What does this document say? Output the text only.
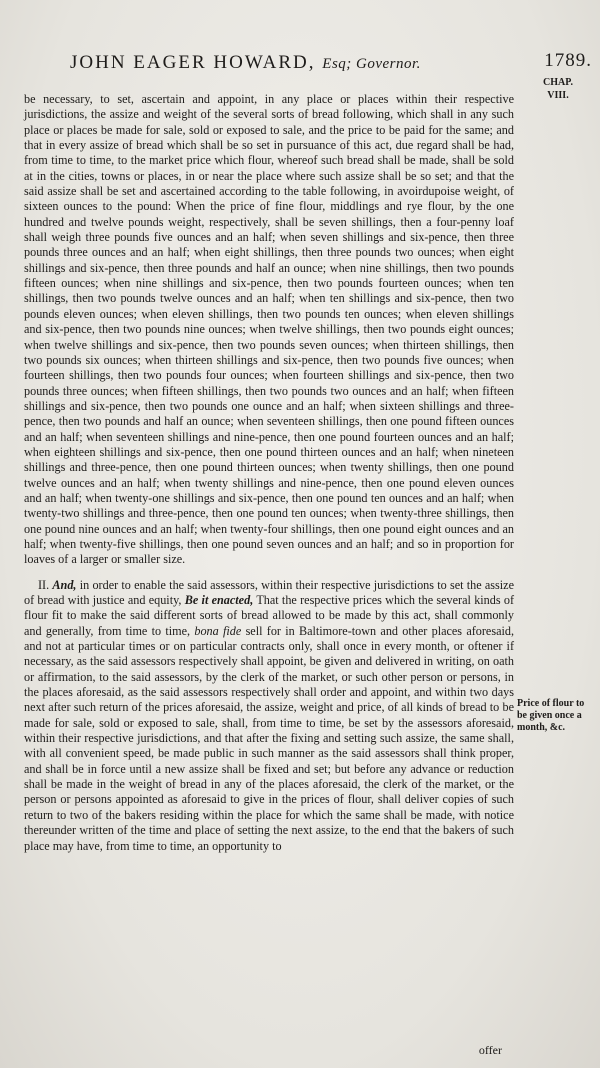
JOHN EAGER HOWARD, Esq; Governor.	1789.
CHAP.
VIII.

be necessary, to set, ascertain and appoint, in any place or places within their respective jurisdictions, the assize and weight of the several sorts of bread following, which shall in any such place or places be made for sale, sold or exposed to sale, and the price to be paid for the same; and that in every assize of bread which shall be so set in pursuance of this act, due regard shall be had, from time to time, to the market price which flour, whereof such bread shall be made, shall be sold at in the cities, towns or places, in or near the place where such assize shall be so set; and that the said assize shall be set and ascertained according to the table following, in avoirdupoise weight, of sixteen ounces to the pound: When the price of fine flour, middlings and rye flour, by the one hundred and twelve pounds weight, respectively, shall be seven shillings, then a four-penny loaf shall weigh three pounds five ounces and an half; when seven shillings and six-pence, then three pounds three ounces and an half; when eight shillings, then three pounds two ounces; when eight shillings and six-pence, then three pounds and half an ounce; when nine shillings, then two pounds fifteen ounces; when nine shillings and six-pence, then two pounds fourteen ounces; when ten shillings, then two pounds twelve ounces and an half; when ten shillings and six-pence, then two pounds eleven ounces; when eleven shillings, then two pounds ten ounces; when eleven shillings and six-pence, then two pounds nine ounces; when twelve shillings, then two pounds eight ounces; when twelve shillings and six-pence, then two pounds seven ounces; when thirteen shillings, then two pounds six ounces; when thirteen shillings and six-pence, then two pounds five ounces; when fourteen shillings, then two pounds four ounces; when fourteen shillings and six-pence, then two pounds three ounces; when fifteen shillings, then two pounds two ounces and an half; when fifteen shillings and six-pence, then two pounds one ounce and an half; when sixteen shillings and three-pence, then two pounds and half an ounce; when seventeen shillings, then one pound fifteen ounces and an half; when seventeen shillings and nine-pence, then one pound fourteen ounces and an half; when eighteen shillings and six-pence, then one pound thirteen ounces and an half; when nineteen shillings and three-pence, then one pound thirteen ounces; when twenty shillings, then one pound twelve ounces and an half; when twenty shillings and nine-pence, then one pound eleven ounces and an half; when twenty-one shillings and six-pence, then one pound ten ounces and an half; when twenty-two shillings and three-pence, then one pound ten ounces; when twenty-three shillings, then one pound nine ounces and an half; when twenty-four shillings, then one pound eight ounces and an half; when twenty-five shillings, then one pound seven ounces and an half; and so in proportion for loaves of a larger or smaller size.

II. And, in order to enable the said assessors, within their respective jurisdictions to set the assize of bread with justice and equity, Be it enacted, That the respective prices which the several kinds of flour fit to make the said different sorts of bread allowed to be made by this act, shall commonly and generally, from time to time, bona fide sell for in Baltimore-town and other places aforesaid, and not at particular times or on particular contracts only, shall once in every month, or oftener if necessary, as the said assessors respectively shall appoint, be given and delivered in writing, on oath or affirmation, to the said assessors, by the clerk of the market, or such other person or persons, in the places aforesaid, as the said assessors respectively shall order and appoint, and within two days next after such return of the prices aforesaid, the assize, weight and price, of all kinds of bread to be made for sale, sold or exposed to sale, shall, from time to time, be set by the assessors aforesaid, within their respective jurisdictions, and that after the fixing and setting such assize, the same shall, with all convenient speed, be made public in such manner as the said assessors shall think proper, and shall be in force until a new assize shall be fixed and set; but before any advance or reduction shall be made in the weight of bread in any of the places aforesaid, the clerk of the market, or the person or persons appointed as aforesaid to give in the prices of flour, shall deliver copies of such return to two of the bakers residing within the place for which the same shall be made, with notice thereunder written of the time and place of setting the next assize, to the end that the bakers of such place may have, from time to time, an opportunity to

Price of flour to be given once a month, &c.
offer
